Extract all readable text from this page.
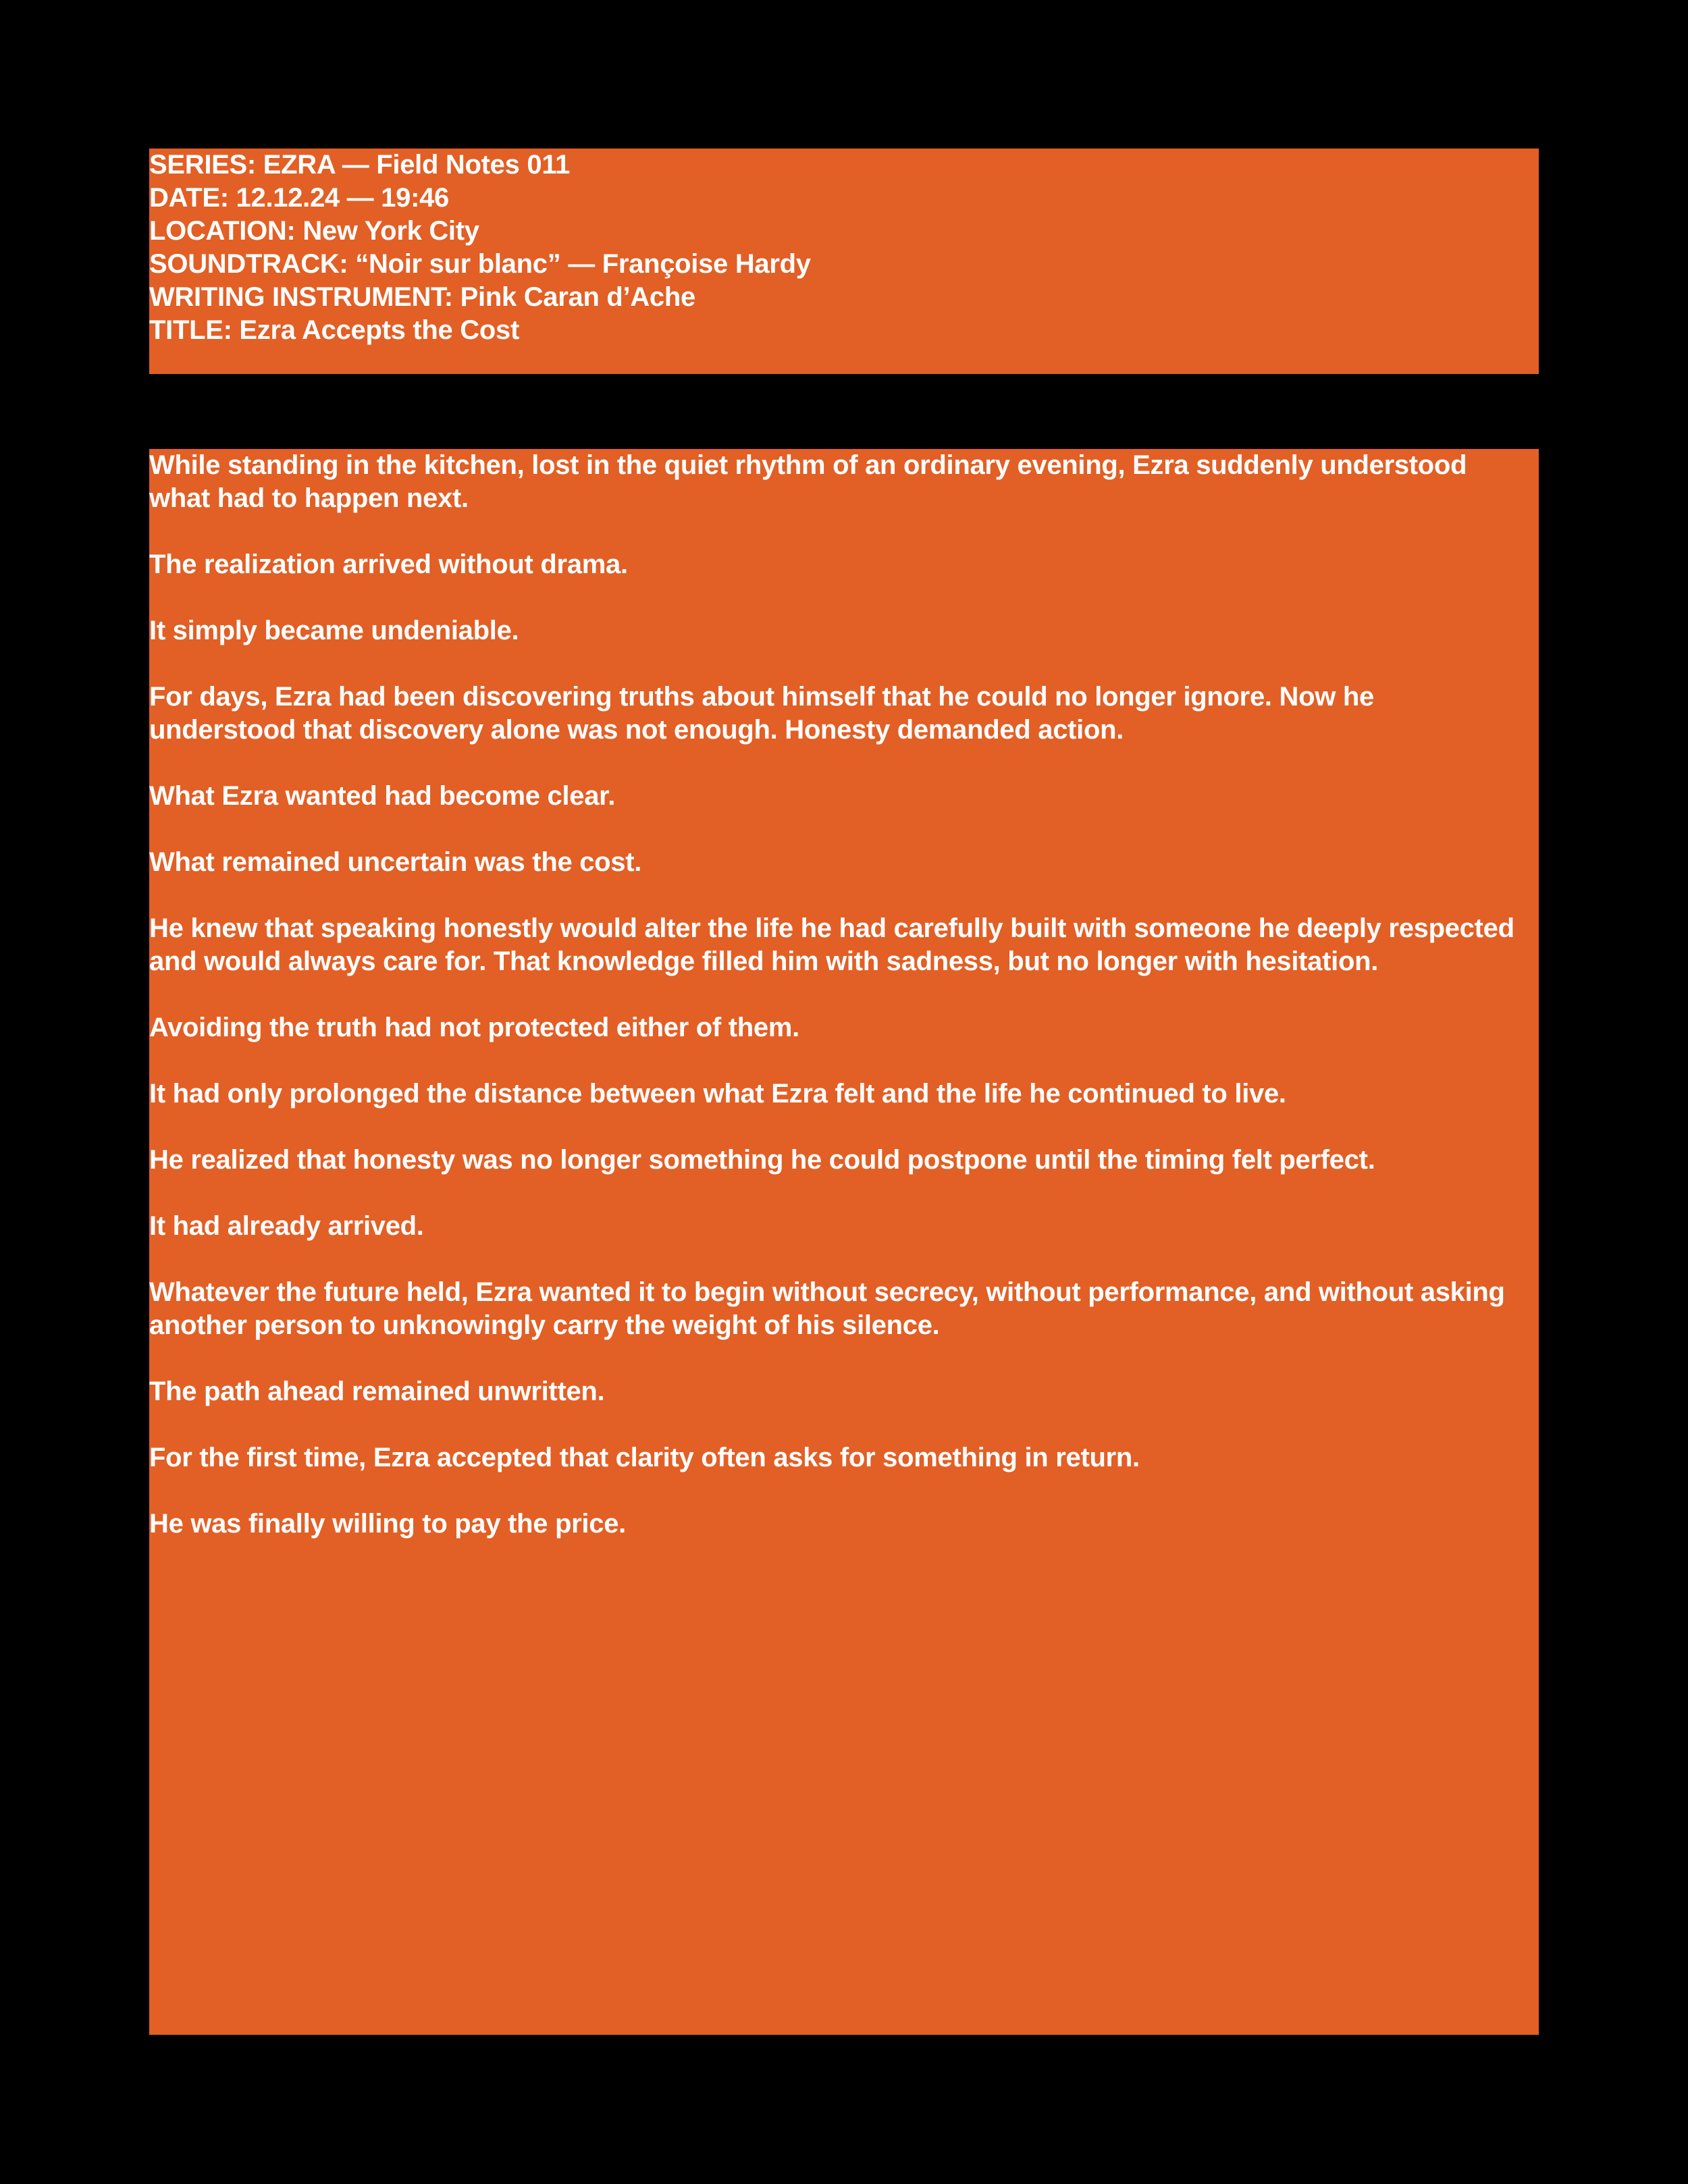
SERIES: EZRA — Field Notes 011
DATE: 12.12.24 — 19:46
LOCATION: New York City
SOUNDTRACK: “Noir sur blanc” — Françoise Hardy
WRITING INSTRUMENT: Pink Caran d’Ache
TITLE: Ezra Accepts the Cost

While standing in the kitchen, lost in the quiet rhythm of an ordinary evening, Ezra suddenly understood what had to happen next.

The realization arrived without drama.

It simply became undeniable.

For days, Ezra had been discovering truths about himself that he could no longer ignore. Now he understood that discovery alone was not enough. Honesty demanded action.

What Ezra wanted had become clear.

What remained uncertain was the cost.

He knew that speaking honestly would alter the life he had carefully built with someone he deeply respected and would always care for. That knowledge filled him with sadness, but no longer with hesitation.

Avoiding the truth had not protected either of them.

It had only prolonged the distance between what Ezra felt and the life he continued to live.

He realized that honesty was no longer something he could postpone until the timing felt perfect.

It had already arrived.

Whatever the future held, Ezra wanted it to begin without secrecy, without performance, and without asking another person to unknowingly carry the weight of his silence.

The path ahead remained unwritten.

For the first time, Ezra accepted that clarity often asks for something in return.

He was finally willing to pay the price.
